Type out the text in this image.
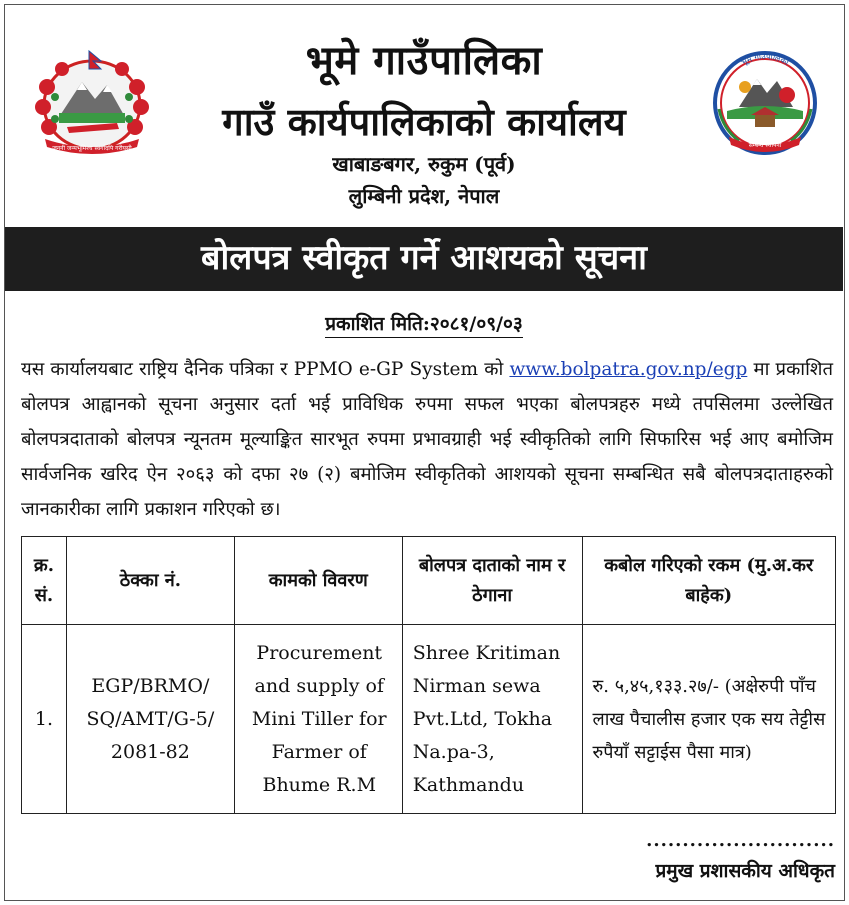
जननी जन्मभूमिश्च स्वर्गादपि गरीयसी
भूमे गाउँपालिका
गाउँ कार्यपालिकाको कार्यालय
खाबाङबगर, रुकुम (पूर्व)
लुम्बिनी प्रदेश, नेपाल
भूमे गाउँपालिका
सम्बन्ध स्थापना
बोलपत्र स्वीकृत गर्ने आशयको सूचना
प्रकाशित मिति:२०८१/०९/०३

यस कार्यालयबाट राष्ट्रिय दैनिक पत्रिका र PPMO e-GP System को www.bolpatra.gov.np/egp मा प्रकाशित बोलपत्र आह्वानको सूचना अनुसार दर्ता भई प्राविधिक रुपमा सफल भएका बोलपत्रहरु मध्ये तपसिलमा उल्लेखित बोलपत्रदाताको बोलपत्र न्यूनतम मूल्याङ्कित सारभूत रुपमा प्रभावग्राही भई स्वीकृतिको लागि सिफारिस भई आए बमोजिम सार्वजनिक खरिद ऐन २०६३ को दफा २७ (२) बमोजिम स्वीकृतिको आशयको सूचना सम्बन्धित सबै बोलपत्रदाताहरुको जानकारीका लागि प्रकाशन गरिएको छ।

क्र. सं.	ठेक्का नं.	कामको विवरण	बोलपत्र दाताको नाम र ठेगाना	कबोल गरिएको रकम (मु.अ.कर बाहेक)
1.	EGP/BRMO/ SQ/AMT/G-5/ 2081-82	Procurement and supply of Mini Tiller for Farmer of Bhume R.M	Shree Kritiman Nirman sewa Pvt.Ltd, Tokha Na.pa-3, Kathmandu	रु. ५,४५,१३३.२७/- (अक्षेरुपी पाँच लाख पैचालीस हजार एक सय तेट्टीस रुपैयाँ सट्टाईस पैसा मात्र)
..........................
प्रमुख प्रशासकीय अधिकृत
